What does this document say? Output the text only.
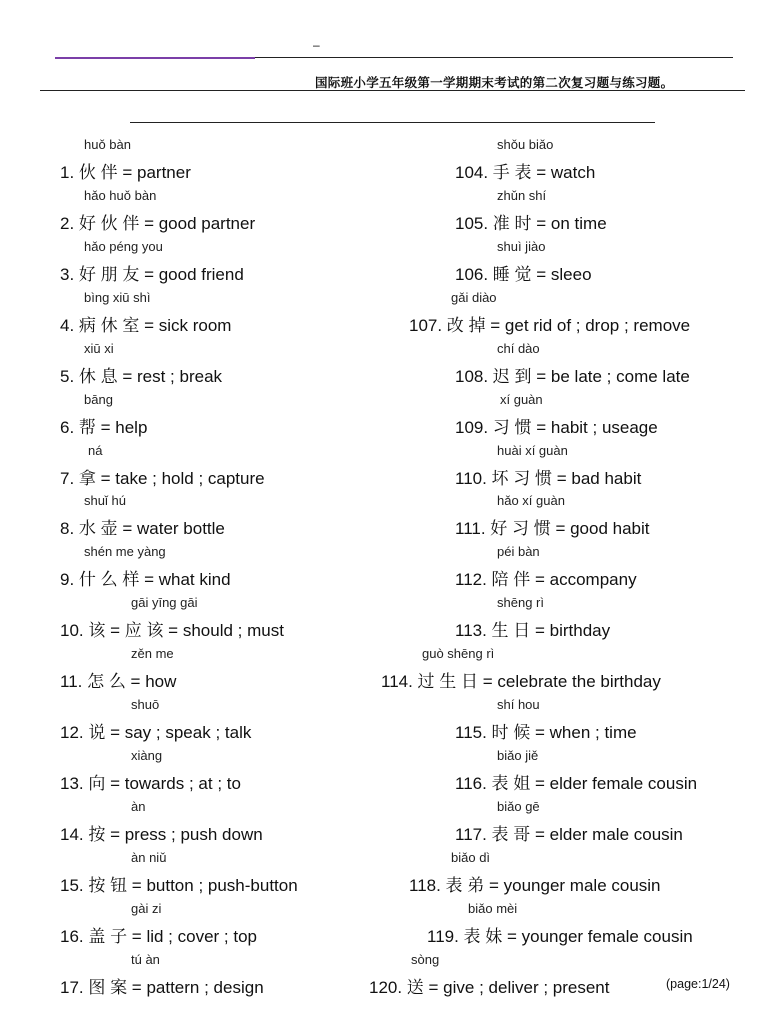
–
国际班小学五年级第一学期期末考试的第二次复习题与练习题。
huǒ bàn
1. 伙 伴 = partner
hǎo huǒ bàn
2. 好 伙 伴 = good partner
hǎo péng you
3. 好 朋 友 = good friend
bìng xiū shì
4. 病 休 室 = sick room
xiū xi
5. 休 息 = rest ; break
bāng
6. 帮 = help
ná
7. 拿 = take ; hold ; capture
shuǐ hú
8. 水 壶 = water bottle
shén me yàng
9. 什 么 样 = what kind
gāi yīng gāi
10. 该 = 应 该 = should ; must
zěn me
11. 怎 么 = how
shuō
12. 说 = say ; speak ; talk
xiàng
13. 向 = towards ; at ; to
àn
14. 按 = press ; push down
àn niǔ
15. 按 钮 = button ; push-button
gài zi
16. 盖 子 = lid ; cover ; top
tú àn
17. 图 案 = pattern ; design
shǒu biǎo
104. 手 表 = watch
zhǔn shí
105. 准 时 = on time
shuì jiào
106. 睡 觉 = sleeo
gǎi diào
107. 改 掉 = get rid of ; drop ; remove
chí dào
108. 迟 到 = be late ; come late
xí guàn
109. 习 惯 = habit ; useage
huài xí guàn
110. 坏 习 惯 = bad habit
hǎo xí guàn
111. 好 习 惯 = good habit
péi bàn
112. 陪 伴 = accompany
shēng rì
113. 生 日 = birthday
guò shēng rì
114. 过 生 日 = celebrate the birthday
shí hou
115. 时 候 = when ; time
biǎo jiě
116. 表 姐 = elder female cousin
biǎo gē
117. 表 哥 = elder male cousin
biǎo dì
118. 表 弟 = younger male cousin
biǎo mèi
119. 表 妹 = younger female cousin
sòng
120. 送 = give ; deliver ; present	(page:1/24)
